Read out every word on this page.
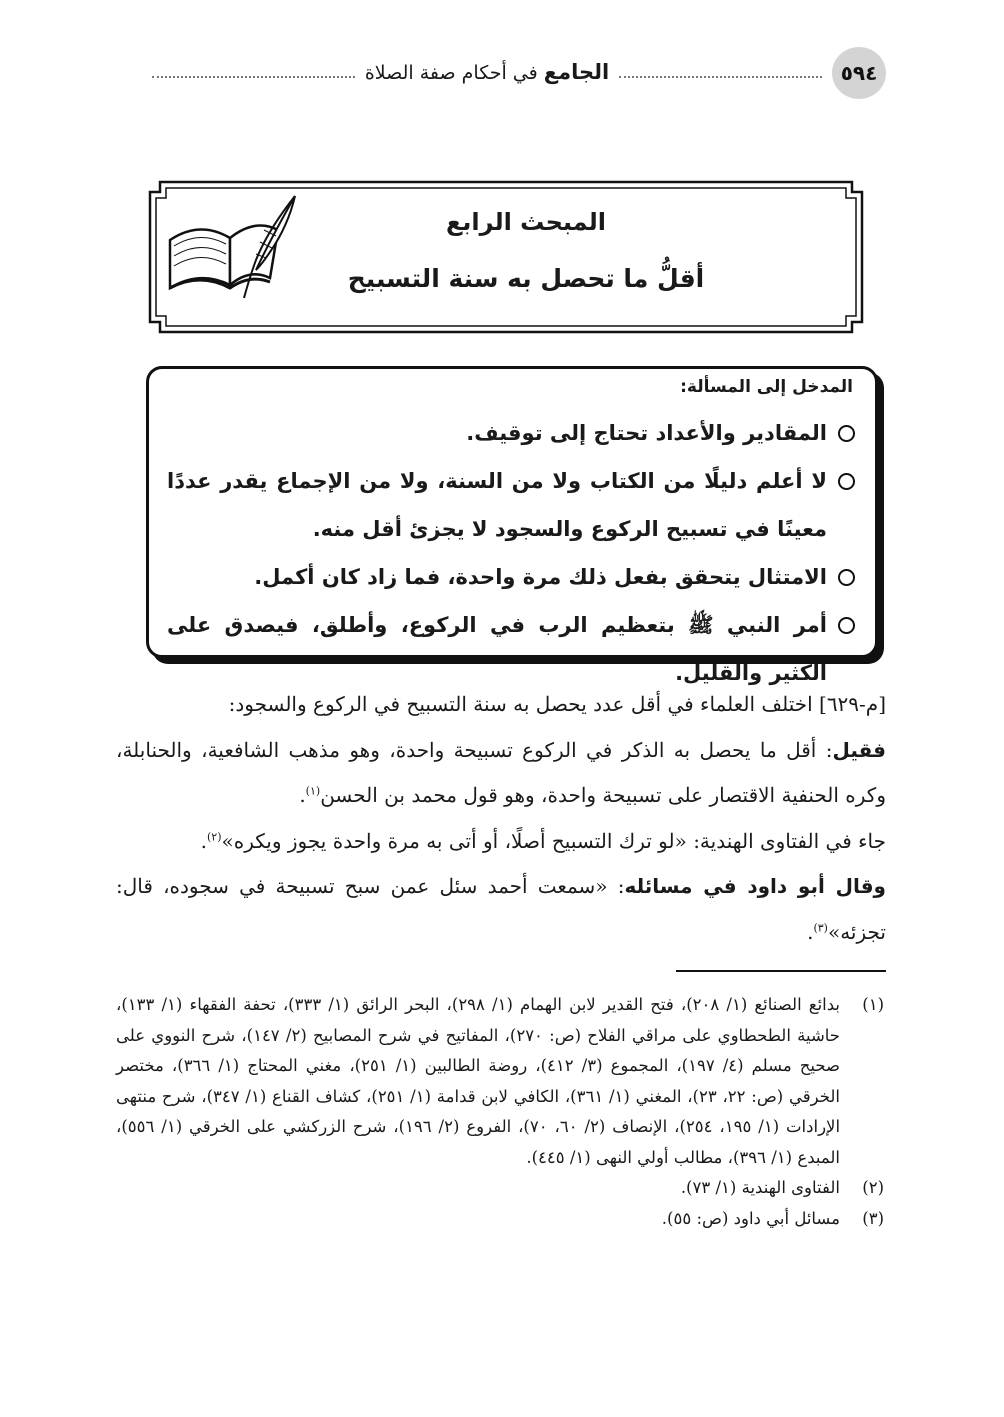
٥٩٤
الجامع في أحكام صفة الصلاة
المبحث الرابع
أقلُّ ما تحصل به سنة التسبيح
المدخل إلى المسألة:
المقادير والأعداد تحتاج إلى توقيف.
لا أعلم دليلًا من الكتاب ولا من السنة، ولا من الإجماع يقدر عددًا معينًا في تسبيح الركوع والسجود لا يجزئ أقل منه.
الامتثال يتحقق بفعل ذلك مرة واحدة، فما زاد كان أكمل.
أمر النبي ﷺ بتعظيم الرب في الركوع، وأطلق، فيصدق على الكثير والقليل.

[م-٦٢٩] اختلف العلماء في أقل عدد يحصل به سنة التسبيح في الركوع والسجود:

فقيل: أقل ما يحصل به الذكر في الركوع تسبيحة واحدة، وهو مذهب الشافعية، والحنابلة، وكره الحنفية الاقتصار على تسبيحة واحدة، وهو قول محمد بن الحسن$^{(١)}$.

جاء في الفتاوى الهندية: «لو ترك التسبيح أصلًا، أو أتى به مرة واحدة يجوز ويكره»$^{(٢)}$.

وقال أبو داود في مسائله: «سمعت أحمد سئل عمن سبح تسبيحة في سجوده، قال: تجزئه»$^{(٣)}$.

(١)
بدائع الصنائع (١/ ٢٠٨)، فتح القدير لابن الهمام (١/ ٢٩٨)، البحر الرائق (١/ ٣٣٣)، تحفة الفقهاء (١/ ١٣٣)، حاشية الطحطاوي على مراقي الفلاح (ص: ٢٧٠)، المفاتيح في شرح المصابيح (٢/ ١٤٧)، شرح النووي على صحيح مسلم (٤/ ١٩٧)، المجموع (٣/ ٤١٢)، روضة الطالبين (١/ ٢٥١)، مغني المحتاج (١/ ٣٦٦)، مختصر الخرقي (ص: ٢٢، ٢٣)، المغني (١/ ٣٦١)، الكافي لابن قدامة (١/ ٢٥١)، كشاف القناع (١/ ٣٤٧)، شرح منتهى الإرادات (١/ ١٩٥، ٢٥٤)، الإنصاف (٢/ ٦٠، ٧٠)، الفروع (٢/ ١٩٦)، شرح الزركشي على الخرقي (١/ ٥٥٦)، المبدع (١/ ٣٩٦)، مطالب أولي النهى (١/ ٤٤٥).
(٢)
الفتاوى الهندية (١/ ٧٣).
(٣)
مسائل أبي داود (ص: ٥٥).
